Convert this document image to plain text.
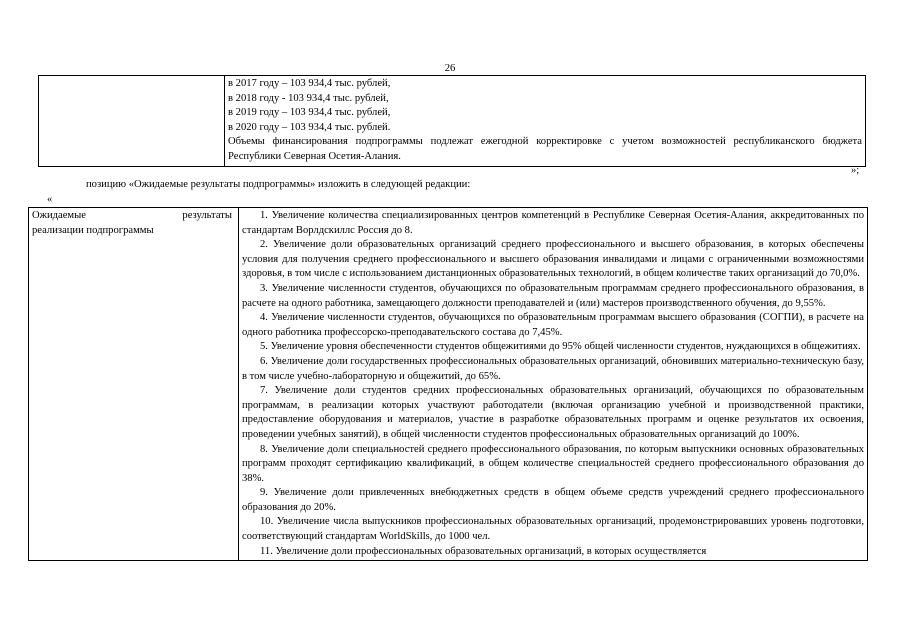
26

в 2017 году – 103 934,4 тыс. рублей,

в 2018 году - 103 934,4 тыс. рублей,

в 2019 году – 103 934,4 тыс. рублей,

в 2020 году – 103 934,4 тыс. рублей.

Объемы финансирования подпрограммы подлежат ежегодной корректировке с учетом возможностей республиканского бюджета Республики Северная Осетия-Алания.

»;
позицию «Ожидаемые результаты подпрограммы» изложить в следующей редакции:
«
Ожидаемые	результаты
реализации подпрограммы

1. Увеличение количества специализированных центров компетенций в Республике Северная Осетия-Алания, аккредитованных по стандартам Ворлдскиллс Россия до 8.

2. Увеличение доли образовательных организаций среднего профессионального и высшего образования, в которых обеспечены условия для получения среднего профессионального и высшего образования инвалидами и лицами с ограниченными возможностями здоровья, в том числе с использованием дистанционных образовательных технологий, в общем количестве таких организаций до 70,0%.

3. Увеличение численности студентов, обучающихся по образовательным программам среднего профессионального образования, в расчете на одного работника, замещающего должности преподавателей и (или) мастеров производственного обучения, до 9,55%.

4. Увеличение численности студентов, обучающихся по образовательным программам высшего образования (СОГПИ), в расчете на одного работника профессорско-преподавательского состава до 7,45%.

5. Увеличение уровня обеспеченности студентов общежитиями до 95% общей численности студентов, нуждающихся в общежитиях.

6. Увеличение доли государственных профессиональных образовательных организаций, обновивших материально-техническую базу, в том числе учебно-лабораторную и общежитий, до 65%.

7. Увеличение доли студентов средних профессиональных образовательных организаций, обучающихся по образовательным программам, в реализации которых участвуют работодатели (включая организацию учебной и производственной практики, предоставление оборудования и материалов, участие в разработке образовательных программ и оценке результатов их освоения, проведении учебных занятий), в общей численности студентов профессиональных образовательных организаций до 100%.

8. Увеличение доли специальностей среднего профессионального образования, по которым выпускники основных образовательных программ проходят сертификацию квалификаций, в общем количестве специальностей среднего профессионального образования до 38%.

9. Увеличение доли привлеченных внебюджетных средств в общем объеме средств учреждений среднего профессионального образования до 20%.

10. Увеличение числа выпускников профессиональных образовательных организаций, продемонстрировавших уровень подготовки, соответствующий стандартам WorldSkills, до 1000 чел.

11. Увеличение доли профессиональных образовательных организаций, в которых осуществляется
